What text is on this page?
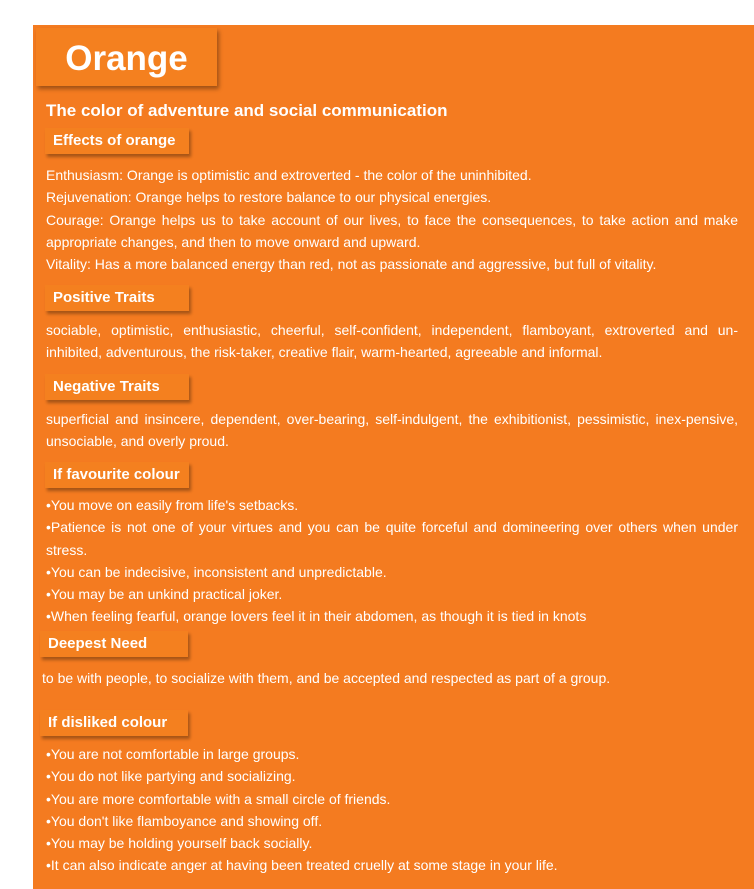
Orange
The color of adventure and social communication
Effects of orange

Enthusiasm: Orange is optimistic and extroverted - the color of the uninhibited.

Rejuvenation: Orange helps to restore balance to our physical energies.

Courage: Orange helps us to take account of our lives, to face the consequences, to take action and make appropriate changes, and then to move onward and upward.

Vitality: Has a more balanced energy than red, not as passionate and aggressive, but full of vitality.

Positive Traits

sociable, optimistic, enthusiastic, cheerful, self-confident, independent, flamboyant, extroverted and un-inhibited, adventurous, the risk-taker, creative flair, warm-hearted, agreeable and informal.

Negative Traits

superficial and insincere, dependent, over-bearing, self-indulgent, the exhibitionist, pessimistic, inex-pensive, unsociable, and overly proud.

If favourite colour

•You move on easily from life's setbacks.

•Patience is not one of your virtues and you can be quite forceful and domineering over others when under stress.

•You can be indecisive, inconsistent and unpredictable.

•You may be an unkind practical joker.

•When feeling fearful, orange lovers feel it in their abdomen, as though it is tied in knots

Deepest Need

to be with people, to socialize with them, and be accepted and respected as part of a group.

If disliked colour

•You are not comfortable in large groups.

•You do not like partying and socializing.

•You are more comfortable with a small circle of friends.

•You don't like flamboyance and showing off.

•You may be holding yourself back socially.

•It can also indicate anger at having been treated cruelly at some stage in your life.
